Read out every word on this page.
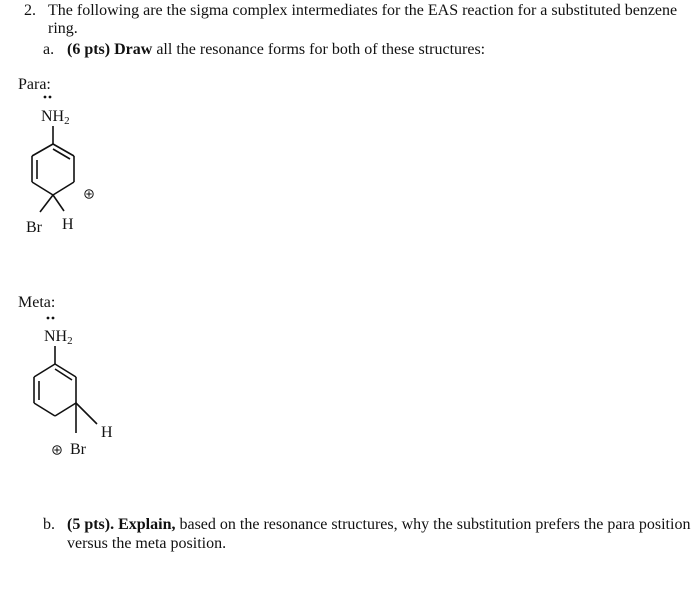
2. The following are the sigma complex intermediates for the EAS reaction for a substituted benzene
ring.
a. (6 pts) Draw all the resonance forms for both of these structures:
Para:
NH2
Br H
Meta:
NH2
H
Br
b. (5 pts). Explain, based on the resonance structures, why the substitution prefers the para position
versus the meta position.
